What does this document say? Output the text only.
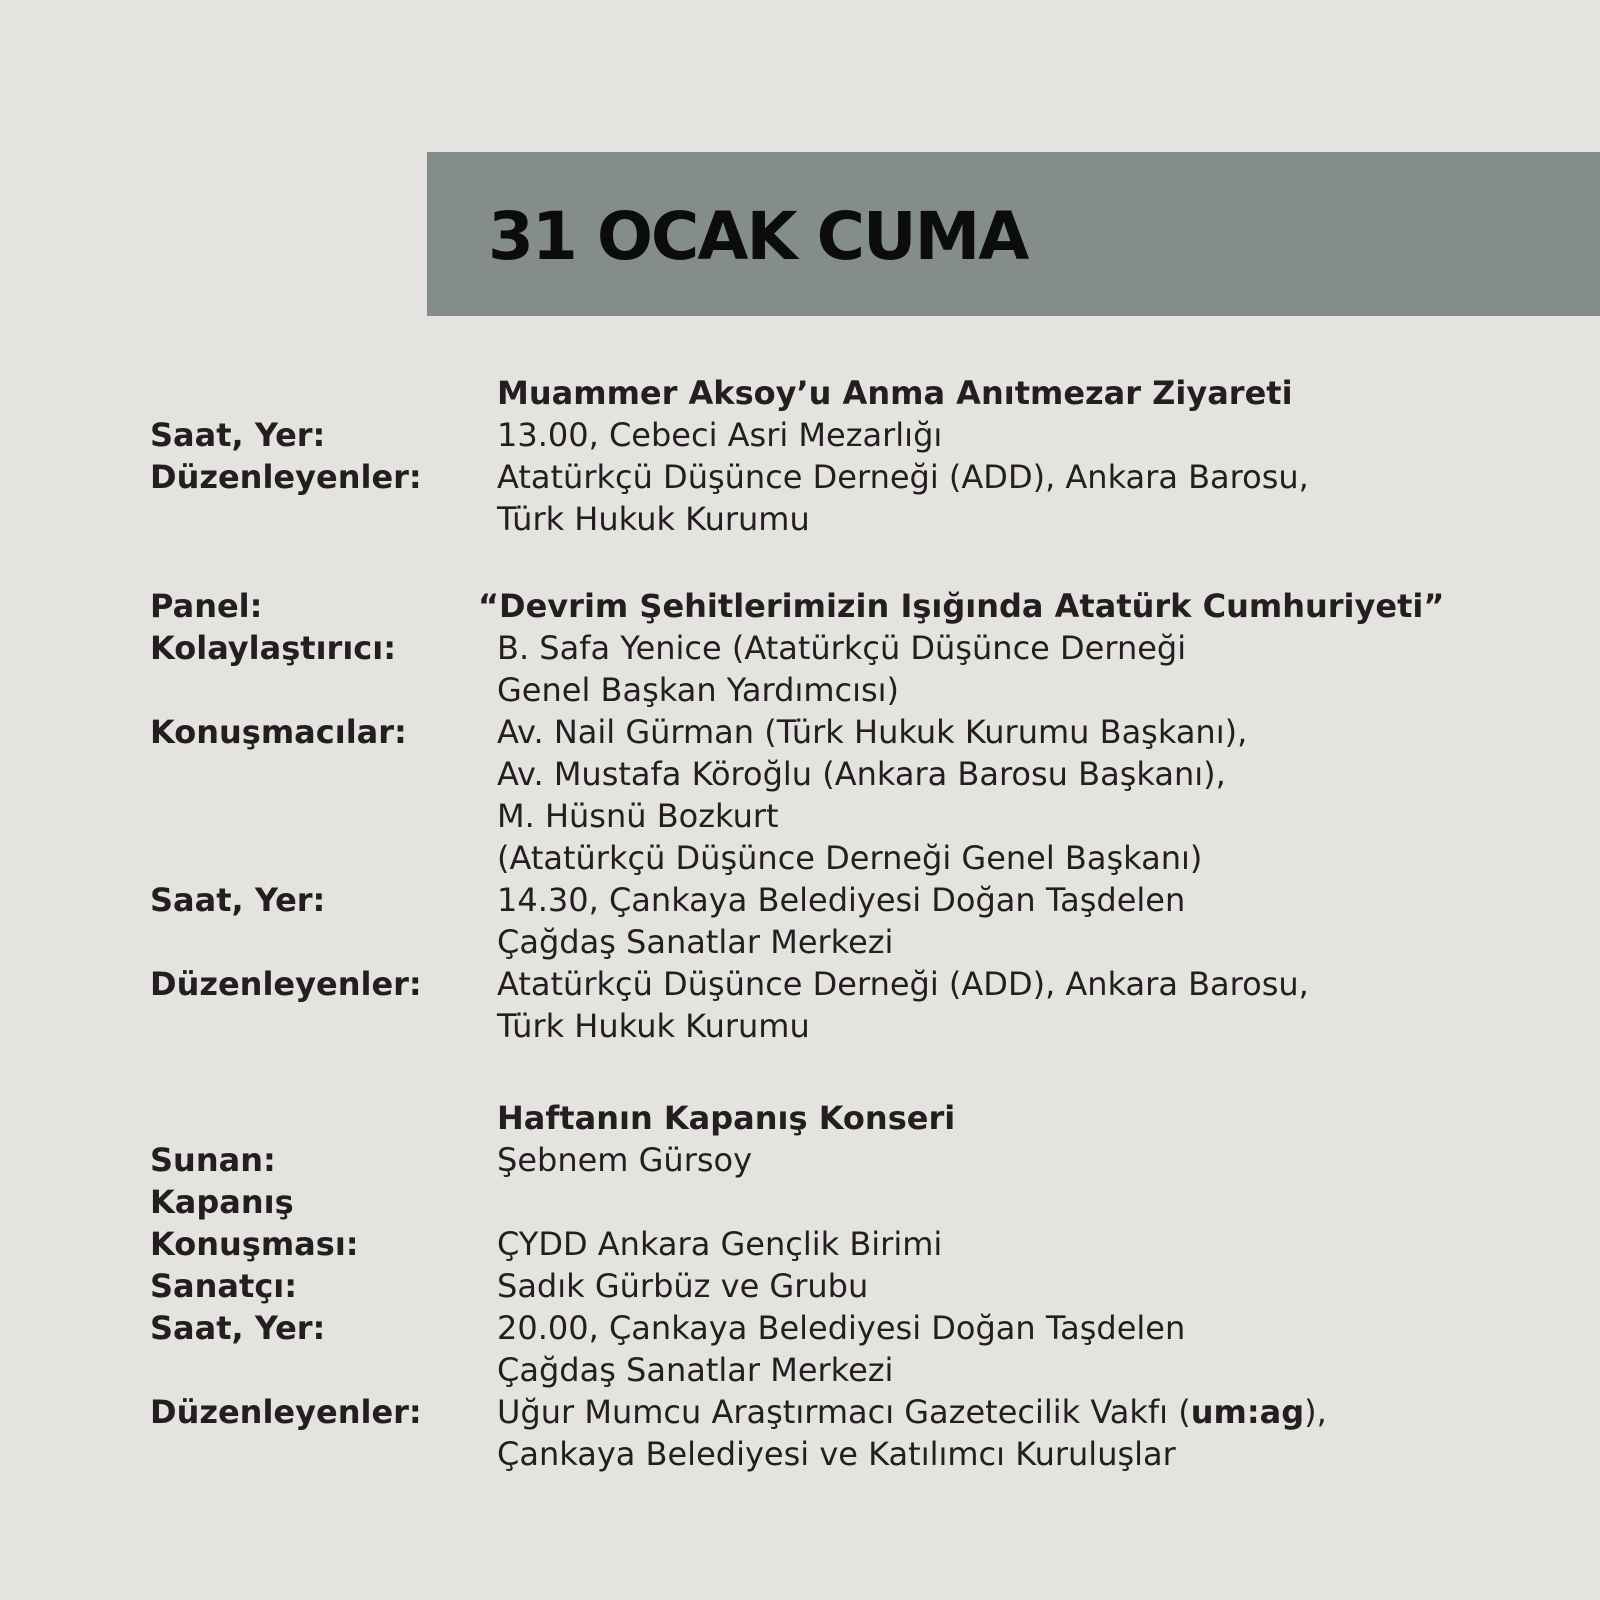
31 OCAK CUMA
Muammer Aksoy’u Anma Anıtmezar Ziyareti
Saat, Yer:	13.00, Cebeci Asri Mezarlığı
Düzenleyenler: Atatürkçü Düşünce Derneği (ADD), Ankara Barosu,
Türk Hukuk Kurumu
Panel:	“Devrim Şehitlerimizin Işığında Atatürk Cumhuriyeti”
Kolaylaştırıcı:	B. Safa Yenice (Atatürkçü Düşünce Derneği
Genel Başkan Yardımcısı)
Konuşmacılar:	Av. Nail Gürman (Türk Hukuk Kurumu Başkanı),
Av. Mustafa Köroğlu (Ankara Barosu Başkanı),
M. Hüsnü Bozkurt
(Atatürkçü Düşünce Derneği Genel Başkanı)
Saat, Yer:	14.30, Çankaya Belediyesi Doğan Taşdelen
Çağdaş Sanatlar Merkezi
Düzenleyenler: Atatürkçü Düşünce Derneği (ADD), Ankara Barosu,
Türk Hukuk Kurumu
Haftanın Kapanış Konseri
Sunan:	Şebnem Gürsoy
Kapanış
Konuşması:	ÇYDD Ankara Gençlik Birimi
Sanatçı:	Sadık Gürbüz ve Grubu
Saat, Yer:	20.00, Çankaya Belediyesi Doğan Taşdelen
Çağdaş Sanatlar Merkezi
Düzenleyenler: Uğur Mumcu Araştırmacı Gazetecilik Vakfı (um:ag),
Çankaya Belediyesi ve Katılımcı Kuruluşlar
